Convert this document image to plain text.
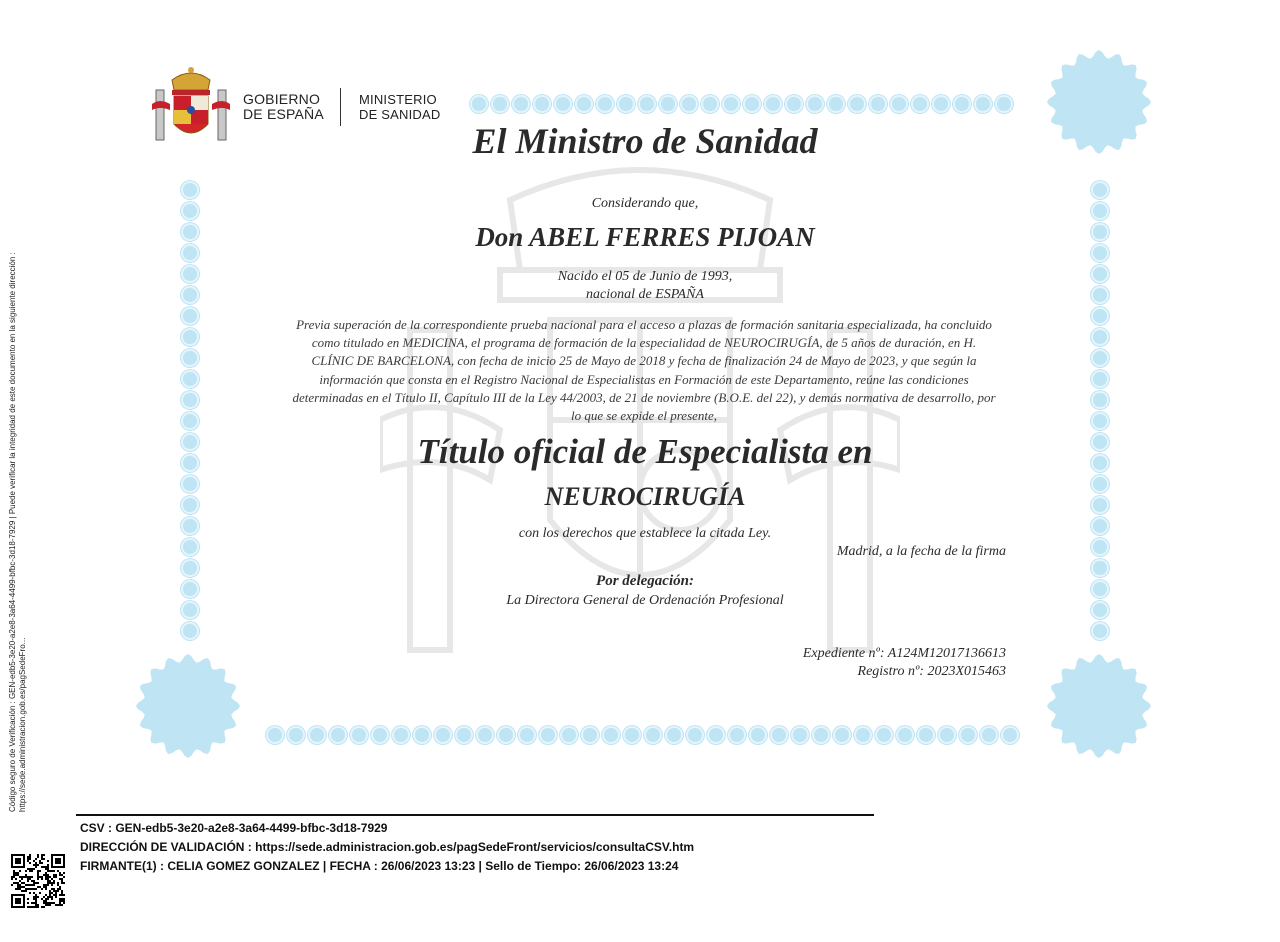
GOBIERNO
DE ESPAÑA
MINISTERIO
DE SANIDAD
El Ministro de Sanidad
Considerando que,
Don ABEL FERRES PIJOAN
Nacido el 05 de Junio de 1993,
nacional de ESPAÑA
Previa superación de la correspondiente prueba nacional para el acceso a plazas de formación sanitaria especializada, ha concluido como titulado en MEDICINA, el programa de formación de la especialidad de NEUROCIRUGÍA, de 5 años de duración, en H. CLÍNIC DE BARCELONA, con fecha de inicio 25 de Mayo de 2018 y fecha de finalización 24 de Mayo de 2023, y que según la información que consta en el Registro Nacional de Especialistas en Formación de este Departamento, reúne las condiciones determinadas en el Título II, Capítulo III de la Ley 44/2003, de 21 de noviembre (B.O.E. del 22), y demás normativa de desarrollo, por lo que se expide el presente,
Título oficial de Especialista en
NEUROCIRUGÍA
con los derechos que establece la citada Ley.
Madrid, a la fecha de la firma
Por delegación:
La Directora General de Ordenación Profesional
Expediente nº: A124M12017136613
Registro nº: 2023X015463
Código seguro de Verificación : GEN-edb5-3e20-a2e8-3a64-4499-bfbc-3d18-7929 | Puede verificar la integridad de este documento en la siguiente dirección : https://sede.administracion.gob.es/pagSedeFro...
CSV : GEN-edb5-3e20-a2e8-3a64-4499-bfbc-3d18-7929
DIRECCIÓN DE VALIDACIÓN : https://sede.administracion.gob.es/pagSedeFront/servicios/consultaCSV.htm
FIRMANTE(1) : CELIA GOMEZ GONZALEZ | FECHA : 26/06/2023 13:23 | Sello de Tiempo: 26/06/2023 13:24
